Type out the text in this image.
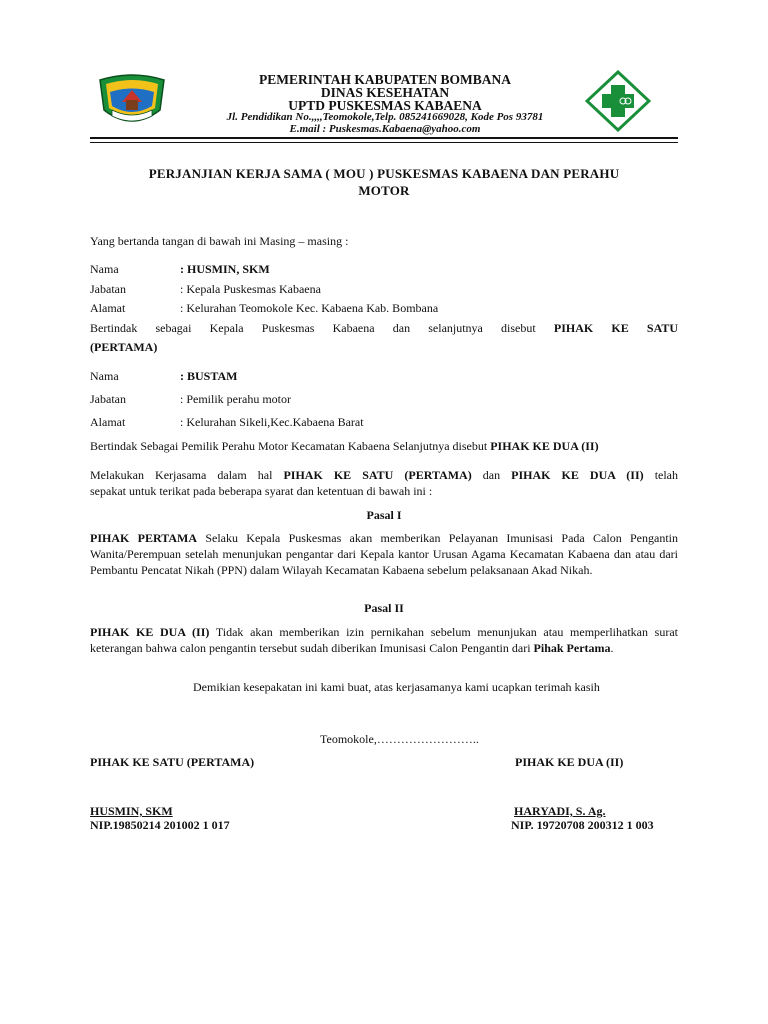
PEMERINTAH KABUPATEN BOMBANA
DINAS KESEHATAN
UPTD PUSKESMAS KABAENA
Jl. Pendidikan No.,,,,Teomokole,Telp. 085241669028, Kode Pos 93781
E.mail : Puskesmas.Kabaena@yahoo.com
PERJANJIAN KERJA SAMA ( MOU ) PUSKESMAS KABAENA DAN PERAHU
MOTOR
Yang bertanda tangan di bawah ini Masing – masing :
Nama	: HUSMIN, SKM
Jabatan	: Kepala Puskesmas Kabaena
Alamat	: Kelurahan Teomokole Kec. Kabaena Kab. Bombana
Bertindak sebagai Kepala Puskesmas Kabaena dan selanjutnya disebut PIHAK KE SATU
(PERTAMA)
Nama	: BUSTAM
Jabatan	: Pemilik perahu motor
Alamat	: Kelurahan Sikeli,Kec.Kabaena Barat
Bertindak Sebagai Pemilik Perahu Motor Kecamatan Kabaena Selanjutnya disebut PIHAK KE DUA (II)
Melakukan Kerjasama dalam hal PIHAK KE SATU (PERTAMA) dan PIHAK KE DUA (II) telah
sepakat untuk terikat pada beberapa syarat dan ketentuan di bawah ini :
Pasal I
PIHAK PERTAMA Selaku Kepala Puskesmas akan memberikan Pelayanan Imunisasi Pada Calon Pengantin Wanita/Perempuan setelah menunjukan pengantar dari Kepala kantor Urusan Agama Kecamatan Kabaena dan atau dari Pembantu Pencatat Nikah (PPN) dalam Wilayah Kecamatan Kabaena sebelum pelaksanaan Akad Nikah.
Pasal II
PIHAK KE DUA (II) Tidak akan memberikan izin pernikahan sebelum menunjukan atau memperlihatkan surat keterangan bahwa calon pengantin tersebut sudah diberikan Imunisasi Calon Pengantin dari Pihak Pertama.
Demikian kesepakatan ini kami buat, atas kerjasamanya kami ucapkan terimah kasih
Teomokole,……………………..
PIHAK KE SATU (PERTAMA)	PIHAK KE DUA (II)
HUSMIN, SKM	HARYADI, S. Ag.
NIP.19850214 201002 1 017	NIP. 19720708 200312 1 003
